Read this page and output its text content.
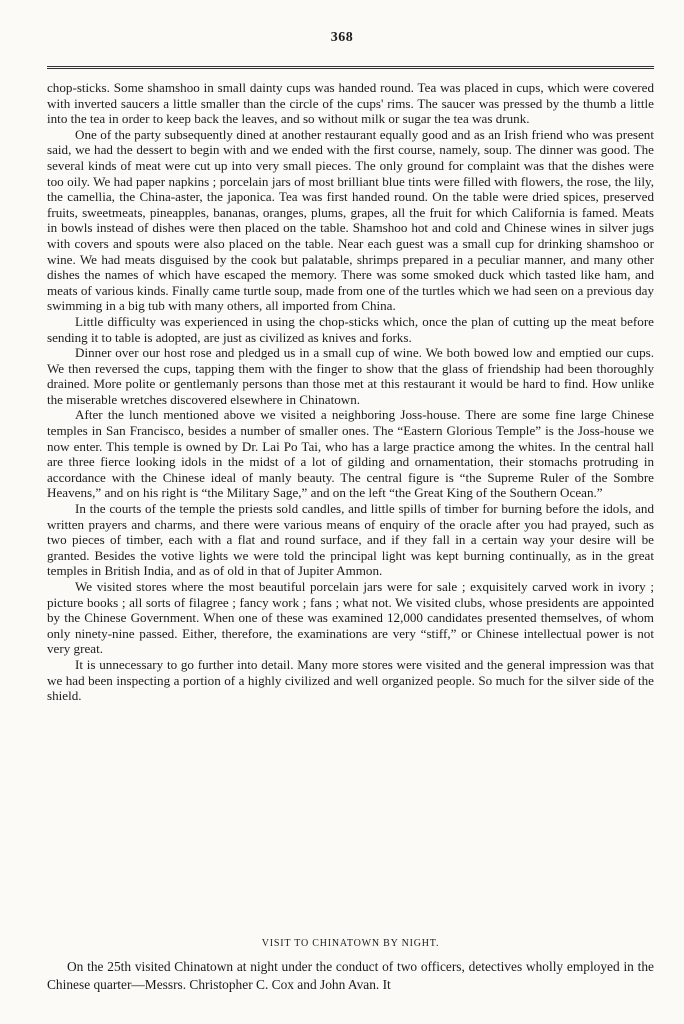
368

chop-sticks. Some shamshoo in small dainty cups was handed round. Tea was placed in cups, which were covered with inverted saucers a little smaller than the circle of the cups' rims. The saucer was pressed by the thumb a little into the tea in order to keep back the leaves, and so without milk or sugar the tea was drunk.

One of the party subsequently dined at another restaurant equally good and as an Irish friend who was present said, we had the dessert to begin with and we ended with the first course, namely, soup. The dinner was good. The several kinds of meat were cut up into very small pieces. The only ground for complaint was that the dishes were too oily. We had paper napkins ; porcelain jars of most brilliant blue tints were filled with flowers, the rose, the lily, the camellia, the China-aster, the japonica. Tea was first handed round. On the table were dried spices, preserved fruits, sweetmeats, pineapples, bananas, oranges, plums, grapes, all the fruit for which California is famed. Meats in bowls instead of dishes were then placed on the table. Shamshoo hot and cold and Chinese wines in silver jugs with covers and spouts were also placed on the table. Near each guest was a small cup for drinking shamshoo or wine. We had meats disguised by the cook but palatable, shrimps prepared in a peculiar manner, and many other dishes the names of which have escaped the memory. There was some smoked duck which tasted like ham, and meats of various kinds. Finally came turtle soup, made from one of the turtles which we had seen on a previous day swimming in a big tub with many others, all imported from China.

Little difficulty was experienced in using the chop-sticks which, once the plan of cutting up the meat before sending it to table is adopted, are just as civilized as knives and forks.

Dinner over our host rose and pledged us in a small cup of wine. We both bowed low and emptied our cups. We then reversed the cups, tapping them with the finger to show that the glass of friendship had been thoroughly drained. More polite or gentlemanly persons than those met at this restaurant it would be hard to find. How unlike the miserable wretches discovered elsewhere in Chinatown.

After the lunch mentioned above we visited a neighboring Joss-house. There are some fine large Chinese temples in San Francisco, besides a number of smaller ones. The “Eastern Glorious Temple” is the Joss-house we now enter. This temple is owned by Dr. Lai Po Tai, who has a large practice among the whites. In the central hall are three fierce looking idols in the midst of a lot of gilding and ornamentation, their stomachs protruding in accordance with the Chinese ideal of manly beauty. The central figure is “the Supreme Ruler of the Sombre Heavens,” and on his right is “the Military Sage,” and on the left “the Great King of the Southern Ocean.”

In the courts of the temple the priests sold candles, and little spills of timber for burning before the idols, and written prayers and charms, and there were various means of enquiry of the oracle after you had prayed, such as two pieces of timber, each with a flat and round surface, and if they fall in a certain way your desire will be granted. Besides the votive lights we were told the principal light was kept burning continually, as in the great temples in British India, and as of old in that of Jupiter Ammon.

We visited stores where the most beautiful porcelain jars were for sale ; exquisitely carved work in ivory ; picture books ; all sorts of filagree ; fancy work ; fans ; what not. We visited clubs, whose presidents are appointed by the Chinese Government. When one of these was examined 12,000 candidates presented themselves, of whom only ninety-nine passed. Either, therefore, the examinations are very “stiff,” or Chinese intellectual power is not very great.

It is unnecessary to go further into detail. Many more stores were visited and the general impression was that we had been inspecting a portion of a highly civilized and well organized people. So much for the silver side of the shield.

VISIT TO CHINATOWN BY NIGHT.

On the 25th visited Chinatown at night under the conduct of two officers, detectives wholly employed in the Chinese quarter—Messrs. Christopher C. Cox and John Avan. It
